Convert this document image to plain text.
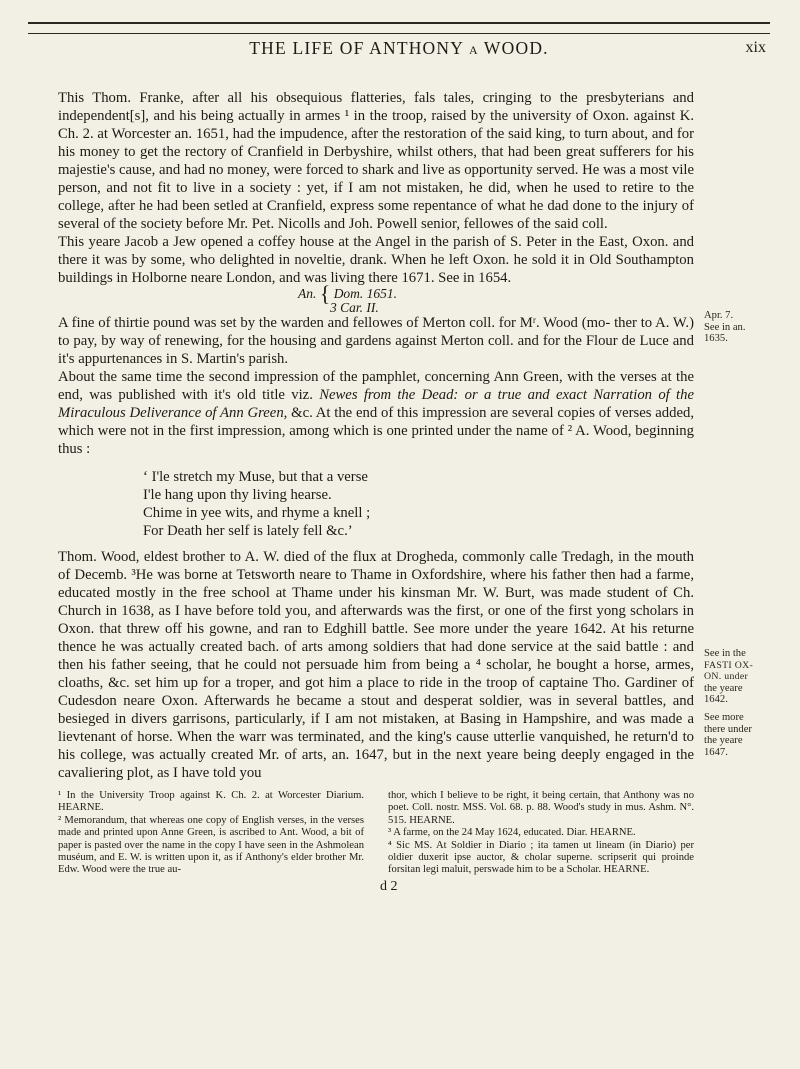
THE LIFE OF ANTHONY A WOOD.	xix

This Thom. Franke, after all his obsequious flatteries, fals tales, cringing to the presbyterians and independent[s], and his being actually in armes ¹ in the troop, raised by the university of Oxon. against K. Ch. 2. at Worcester an. 1651, had the impudence, after the restoration of the said king, to turn about, and for his money to get the rectory of Cranfield in Derbyshire, whilst others, that had been great sufferers for his majestie's cause, and had no money, were forced to shark and live as opportunity served. He was a most vile person, and not fit to live in a society : yet, if I am not mistaken, he did, when he used to retire to the college, after he had been setled at Cranfield, express some repentance of what he dad done to the injury of several of the society before Mr. Pet. Nicolls and Joh. Powell senior, fellowes of the said coll.

This yeare Jacob a Jew opened a coffey house at the Angel in the parish of S. Peter in the East, Oxon. and there it was by some, who delighted in noveltie, drank. When he left Oxon. he sold it in Old Southampton buildings in Holborne neare London, and was living there 1671. See in 1654.

An. { Dom. 1651.
3 Car. II.

A fine of thirtie pound was set by the warden and fellowes of Merton coll. for Mʳ. Wood (mo- ther to A. W.) to pay, by way of renewing, for the housing and gardens against Merton coll. and for the Flour de Luce and it's appurtenances in S. Martin's parish.

About the same time the second impression of the pamphlet, concerning Ann Green, with the verses at the end, was published with it's old title viz. Newes from the Dead: or a true and exact Narration of the Miraculous Deliverance of Ann Green, &c. At the end of this impression are several copies of verses added, which were not in the first impression, among which is one printed under the name of ² A. Wood, beginning thus :

‘ I'le stretch my Muse, but that a verse
I'le hang upon thy living hearse.
Chime in yee wits, and rhyme a knell ;
For Death her self is lately fell &c.’

Thom. Wood, eldest brother to A. W. died of the flux at Drogheda, commonly calle Tredagh, in the mouth of Decemb. ³He was borne at Tetsworth neare to Thame in Oxfordshire, where his father then had a farme, educated mostly in the free school at Thame under his kinsman Mr. W. Burt, was made student of Ch. Church in 1638, as I have before told you, and afterwards was the first, or one of the first yong scholars in Oxon. that threw off his gowne, and ran to Edghill battle. See more under the yeare 1642. At his returne thence he was actually created bach. of arts among soldiers that had done service at the said battle : and then his father seeing, that he could not persuade him from being a ⁴ scholar, he bought a horse, armes, cloaths, &c. set him up for a troper, and got him a place to ride in the troop of captaine Tho. Gardiner of Cudesdon neare Oxon. Afterwards he became a stout and desperat soldier, was in several battles, and besieged in divers garrisons, particularly, if I am not mistaken, at Basing in Hampshire, and was made a lievtenant of horse. When the warr was terminated, and the king's cause utterlie vanquished, he return'd to his college, was actually created Mr. of arts, an. 1647, but in the next yeare being deeply engaged in the cavaliering plot, as I have told you

Apr. 7.
See in an.
1635.
See in the
FASTI OX-
ON. under
the yeare
1642.
See more
there under
the yeare
1647.
¹ In the University Troop against K. Ch. 2. at Worcester Diarium. HEARNE.
² Memorandum, that whereas one copy of English verses, in the verses made and printed upon Anne Green, is ascribed to Ant. Wood, a bit of paper is pasted over the name in the copy I have seen in the Ashmolean muséum, and E. W. is written upon it, as if Anthony's elder brother Mr. Edw. Wood were the true au-
thor, which I believe to be right, it being certain, that Anthony was no poet. Coll. nostr. MSS. Vol. 68. p. 88. Wood's study in mus. Ashm. N°. 515. HEARNE.
³ A farme, on the 24 May 1624, educated. Diar. HEARNE.
⁴ Sic MS. At Soldier in Diario ; ita tamen ut lineam (in Diario) per oldier duxerit ipse auctor, & cholar superne. scripserit qui proinde forsitan legi maluit, perswade him to be a Scholar. HEARNE.
d 2
